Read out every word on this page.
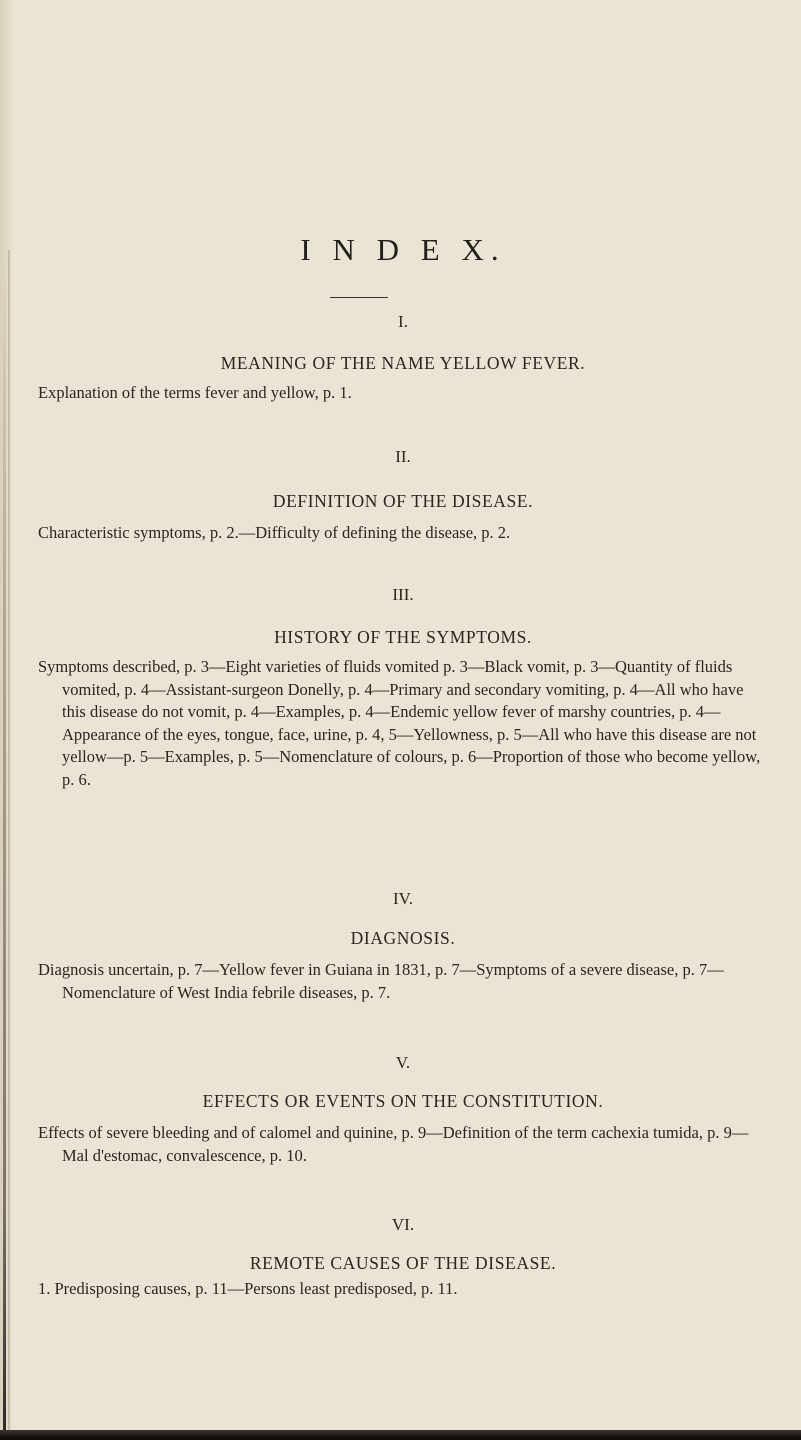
I N D E X.

I.

MEANING OF THE NAME YELLOW FEVER.

Explanation of the terms fever and yellow, p. 1.

II.

DEFINITION OF THE DISEASE.

Characteristic symptoms, p. 2.—Difficulty of defining the disease, p. 2.

III.

HISTORY OF THE SYMPTOMS.

Symptoms described, p. 3—Eight varieties of fluids vomited p. 3—Black vomit, p. 3—Quantity of fluids vomited, p. 4—Assistant-surgeon Donelly, p. 4—Primary and secondary vomiting, p. 4—All who have this disease do not vomit, p. 4—Examples, p. 4—Endemic yellow fever of marshy countries, p. 4—Appearance of the eyes, tongue, face, urine, p. 4, 5—Yellowness, p. 5—All who have this disease are not yellow—p. 5—Examples, p. 5—Nomenclature of colours, p. 6—Proportion of those who become yellow, p. 6.

IV.

DIAGNOSIS.

Diagnosis uncertain, p. 7—Yellow fever in Guiana in 1831, p. 7—Symptoms of a severe disease, p. 7—Nomenclature of West India febrile diseases, p. 7.

V.

EFFECTS OR EVENTS ON THE CONSTITUTION.

Effects of severe bleeding and of calomel and quinine, p. 9—Definition of the term cachexia tumida, p. 9—Mal d'estomac, convalescence, p. 10.

VI.

REMOTE CAUSES OF THE DISEASE.

1. Predisposing causes, p. 11—Persons least predisposed, p. 11.
